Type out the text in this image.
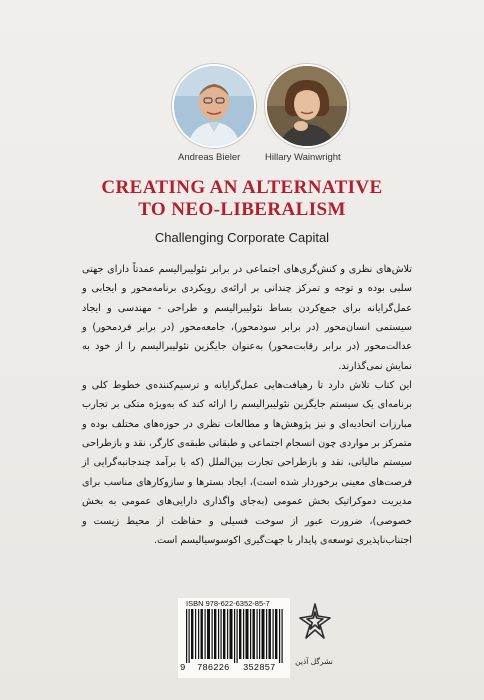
Andreas Bieler	Hillary Wainwright
CREATING AN ALTERNATIVE
TO NEO-LIBERALISM
Challenging Corporate Capital

تلاش‌های نظری و کنش‌گری‌های اجتماعی در برابر نئولیبرالیسم عمدتاً دارای جهتی سلبی بوده و توجه و تمرکز چندانی بر ارائه‌ی رویکردی برنامه‌محور و ایجابی و عمل‌گرایانه برای جمع‌کردن بساط نئولیبرالیسم و طراحی - مهندسی و ایجاد سیستمی انسان‌محور (در برابر سودمحور)، جامعه‌محور (در برابر فردمحور) و عدالت‌محور (در برابر رقابت‌محور) به‌عنوان جایگزین نئولیبرالیسم را از خود به نمایش نمی‌گذارند.

این کتاب تلاش دارد تا رهیافت‌هایی عمل‌گرایانه و ترسیم‌کننده‌ی خطوط کلی و برنامه‌ای یک سیستم جایگزین نئولیبرالیسم را ارائه کند که به‌ویژه متکی بر تجارب مبارزات اتحادیه‌ای و نیز پژوهش‌ها و مطالعات نظری در حوزه‌های مختلف بوده و متمرکز بر مواردی چون انسجام اجتماعی و طبقاتی طبقه‌ی کارگر، نقد و بازطراحی سیستم مالیاتی، نقد و بازطراحی تجارت بین‌الملل (که با برآمد چندجانبه‌گرایی از فرصت‌های معینی برخوردار شده است)، ایجاد بسترها و سازوکارهای مناسب برای مدیریت دموکراتیک بخش عمومی (به‌جای واگذاری دارایی‌های عمومی به بخش خصوصی)، ضرورت عبور از سوخت فسیلی و حفاظت از محیط زیست و اجتناب‌ناپذیری توسعه‌ی پایدار با جهت‌گیری اکوسوسیالیسم است.

ISBN 978-622-6352-85-7
9 786226 352857
نشرگل آذین
